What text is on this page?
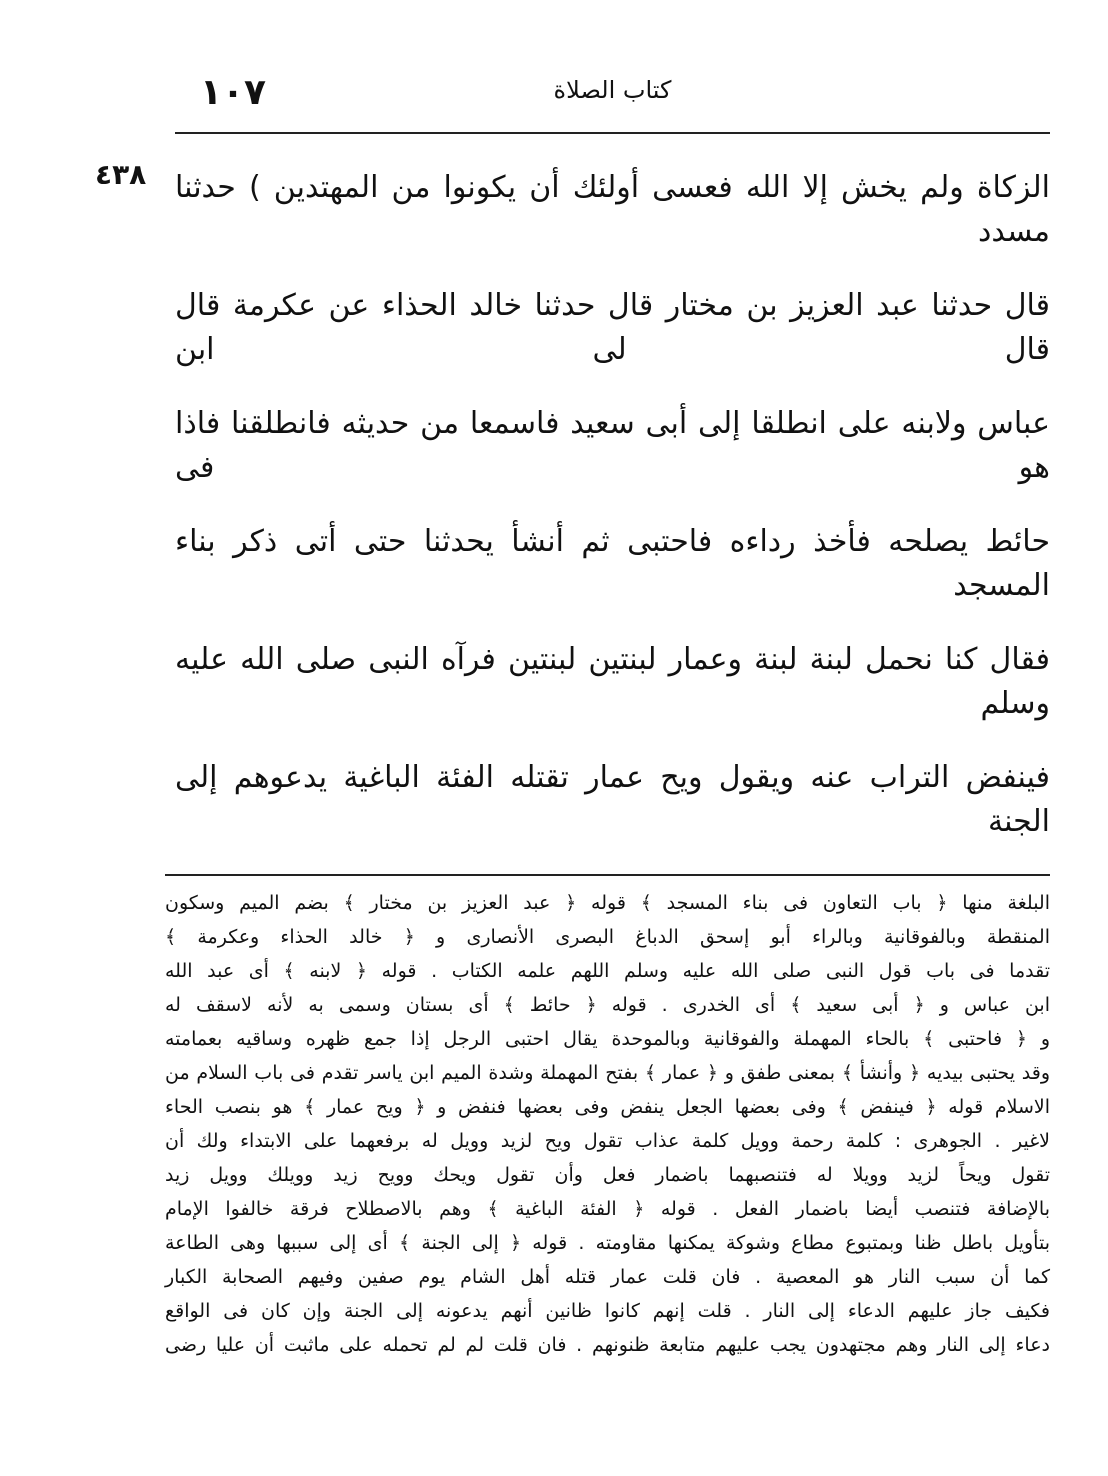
١٠٧	كتاب الصلاة
٤٣٨ الزكاة ولم يخش إلا الله فعسى أولئك أن يكونوا من المهتدين ) حدثنا مسدد
قال حدثنا عبد العزيز بن مختار قال حدثنا خالد الحذاء عن عكرمة قال قال لى ابن
عباس ولابنه على انطلقا إلى أبى سعيد فاسمعا من حديثه فانطلقنا فاذا هو فى
حائط يصلحه فأخذ رداءه فاحتبى ثم أنشأ يحدثنا حتى أتى ذكر بناء المسجد
فقال كنا نحمل لبنة لبنة وعمار لبنتين لبنتين فرآه النبى صلى الله عليه وسلم
فينفض التراب عنه ويقول ويح عمار تقتله الفئة الباغية يدعوهم إلى الجنة
البلغة منها ﴿ باب التعاون فى بناء المسجد ﴾ قوله ﴿ عبد العزيز بن مختار ﴾ بضم الميم وسكون
المنقطة وبالفوقانية وبالراء أبو إسحق الدباغ البصرى الأنصارى و ﴿ خالد الحذاء وعكرمة ﴾
تقدما فى باب قول النبى صلى الله عليه وسلم اللهم علمه الكتاب . قوله ﴿ لابنه ﴾ أى عبد الله
ابن عباس و ﴿ أبى سعيد ﴾ أى الخدرى . قوله ﴿ حائط ﴾ أى بستان وسمى به لأنه لاسقف له
و ﴿ فاحتبى ﴾ بالحاء المهملة والفوقانية وبالموحدة يقال احتبى الرجل إذا جمع ظهره وساقيه بعمامته
وقد يحتبى بيديه ﴿ وأنشأ ﴾ بمعنى طفق و ﴿ عمار ﴾ بفتح المهملة وشدة الميم ابن ياسر تقدم فى باب السلام من
الاسلام قوله ﴿ فينفض ﴾ وفى بعضها الجعل ينفض وفى بعضها فنفض و ﴿ ويح عمار ﴾ هو بنصب الحاء
لاغير . الجوهرى : كلمة رحمة وويل كلمة عذاب تقول ويح لزيد وويل له برفعهما على الابتداء ولك أن
تقول ويحاً لزيد وويلا له فتنصبهما باضمار فعل وأن تقول ويحك وويح زيد وويلك وويل زيد
بالإضافة فتنصب أيضا باضمار الفعل . قوله ﴿ الفئة الباغية ﴾ وهم بالاصطلاح فرقة خالفوا الإمام
بتأويل باطل ظنا وبمتبوع مطاع وشوكة يمكنها مقاومته . قوله ﴿ إلى الجنة ﴾ أى إلى سببها وهى الطاعة
كما أن سبب النار هو المعصية . فان قلت عمار قتله أهل الشام يوم صفين وفيهم الصحابة الكبار
فكيف جاز عليهم الدعاء إلى النار . قلت إنهم كانوا ظانين أنهم يدعونه إلى الجنة وإن كان فى الواقع
دعاء إلى النار وهم مجتهدون يجب عليهم متابعة ظنونهم . فان قلت لم لم تحمله على ماثبت أن عليا رضى
